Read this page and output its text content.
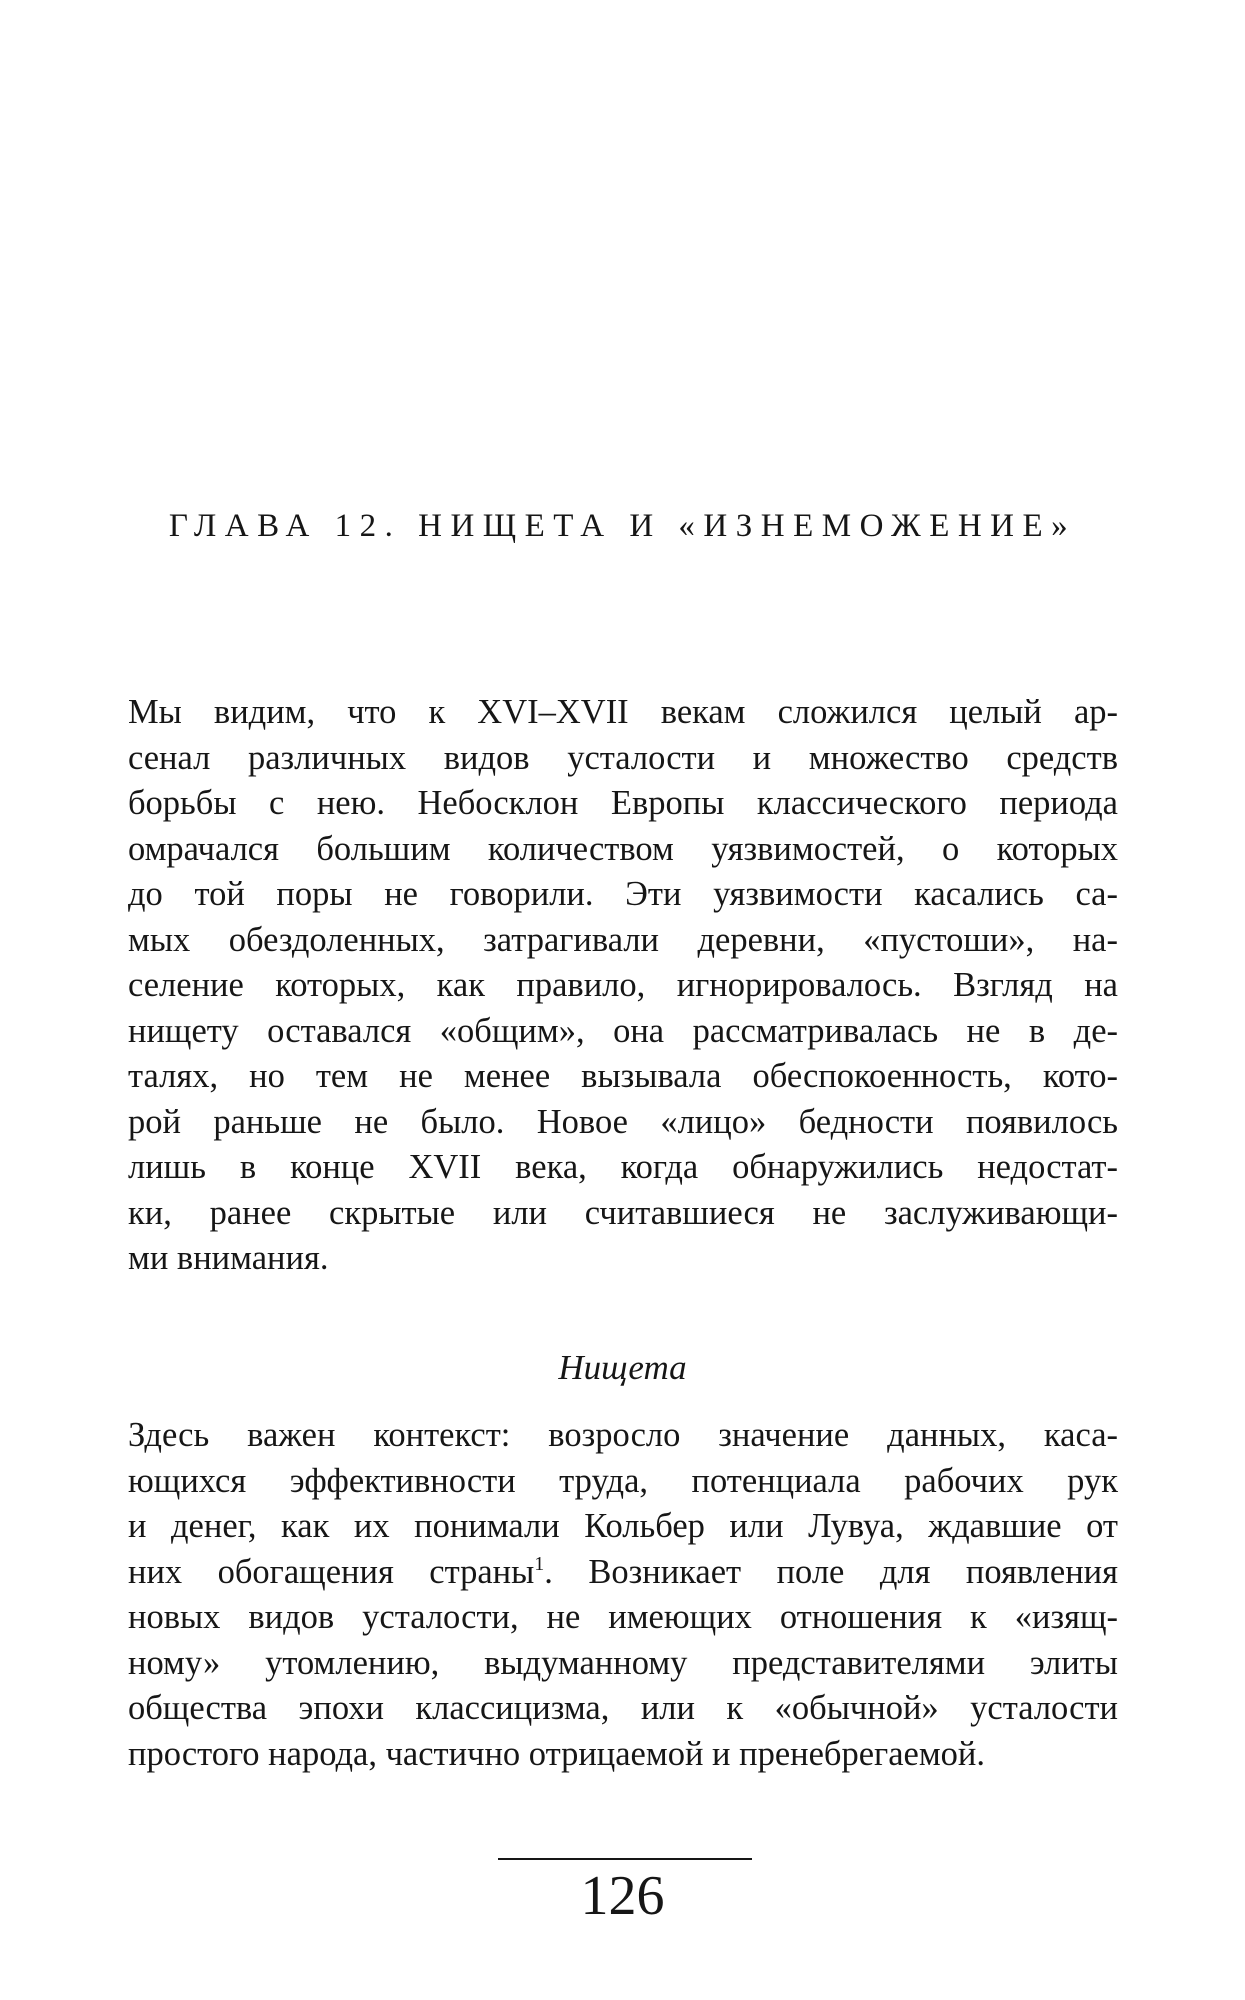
ГЛАВА 12. НИЩЕТА И «ИЗНЕМОЖЕНИЕ»
Мы видим, что к XVI–XVII векам сложился целый ар-
сенал различных видов усталости и множество средств
борьбы с нею. Небосклон Европы классического периода
омрачался большим количеством уязвимостей, о которых
до той поры не говорили. Эти уязвимости касались са-
мых обездоленных, затрагивали деревни, «пустоши», на-
селение которых, как правило, игнорировалось. Взгляд на
нищету оставался «общим», она рассматривалась не в де-
талях, но тем не менее вызывала обеспокоенность, кото-
рой раньше не было. Новое «лицо» бедности появилось
лишь в конце XVII века, когда обнаружились недостат-
ки, ранее скрытые или считавшиеся не заслуживающи-
ми внимания.
Нищета
Здесь важен контекст: возросло значение данных, каса-
ющихся эффективности труда, потенциала рабочих рук
и денег, как их понимали Кольбер или Лувуа, ждавшие от
них обогащения страны$^1$. Возникает поле для появления
новых видов усталости, не имеющих отношения к «изящ-
ному» утомлению, выдуманному представителями элиты
общества эпохи классицизма, или к «обычной» усталости
простого народа, частично отрицаемой и пренебрегаемой.
126
